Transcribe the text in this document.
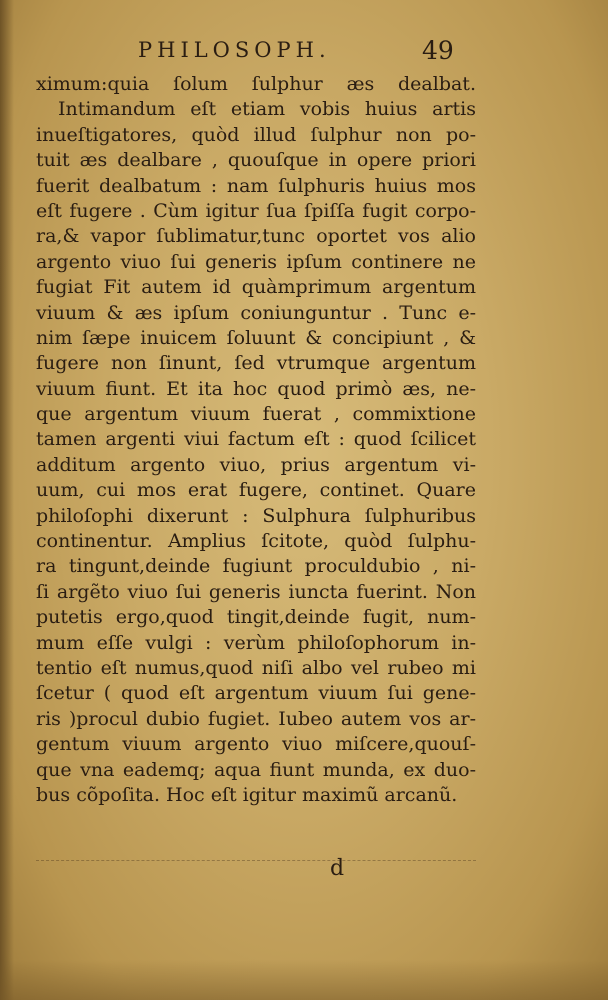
PHILOSOPH.	49
ximum:quia ſolum ſulphur æs dealbat.
Intimandum eſt etiam vobis huius artis
inueſtigatores, quòd illud ſulphur non po-
tuit æs dealbare , quouſque in opere priori
fuerit dealbatum : nam ſulphuris huius mos
eſt fugere . Cùm igitur ſua ſpiſſa fugit corpo-
ra,& vapor ſublimatur,tunc oportet vos alio
argento viuo ſui generis ipſum continere ne
fugiat Fit autem id quàmprimum argentum
viuum & æs ipſum coniunguntur . Tunc e-
nim ſæpe inuicem ſoluunt & concipiunt , &
fugere non ſinunt, ſed vtrumque argentum
viuum fiunt. Et ita hoc quod primò æs, ne-
que argentum viuum fuerat , commixtione
tamen argenti viui factum eſt : quod ſcilicet
additum argento viuo, prius argentum vi-
uum, cui mos erat fugere, continet. Quare
philoſophi dixerunt : Sulphura ſulphuribus
continentur. Amplius ſcitote, quòd ſulphu-
ra tingunt,deinde fugiunt proculdubio , ni-
ſi argẽto viuo ſui generis iuncta fuerint. Non
putetis ergo,quod tingit,deinde fugit, num-
mum eſſe vulgi : verùm philoſophorum in-
tentio eſt numus,quod niſi albo vel rubeo mi
ſcetur ( quod eſt argentum viuum ſui gene-
ris )procul dubio fugiet. Iubeo autem vos ar-
gentum viuum argento viuo miſcere,quouſ-
que vna eademq; aqua fiunt munda, ex duo-
bus cõpoſita. Hoc eſt igitur maximũ arcanũ.
d
